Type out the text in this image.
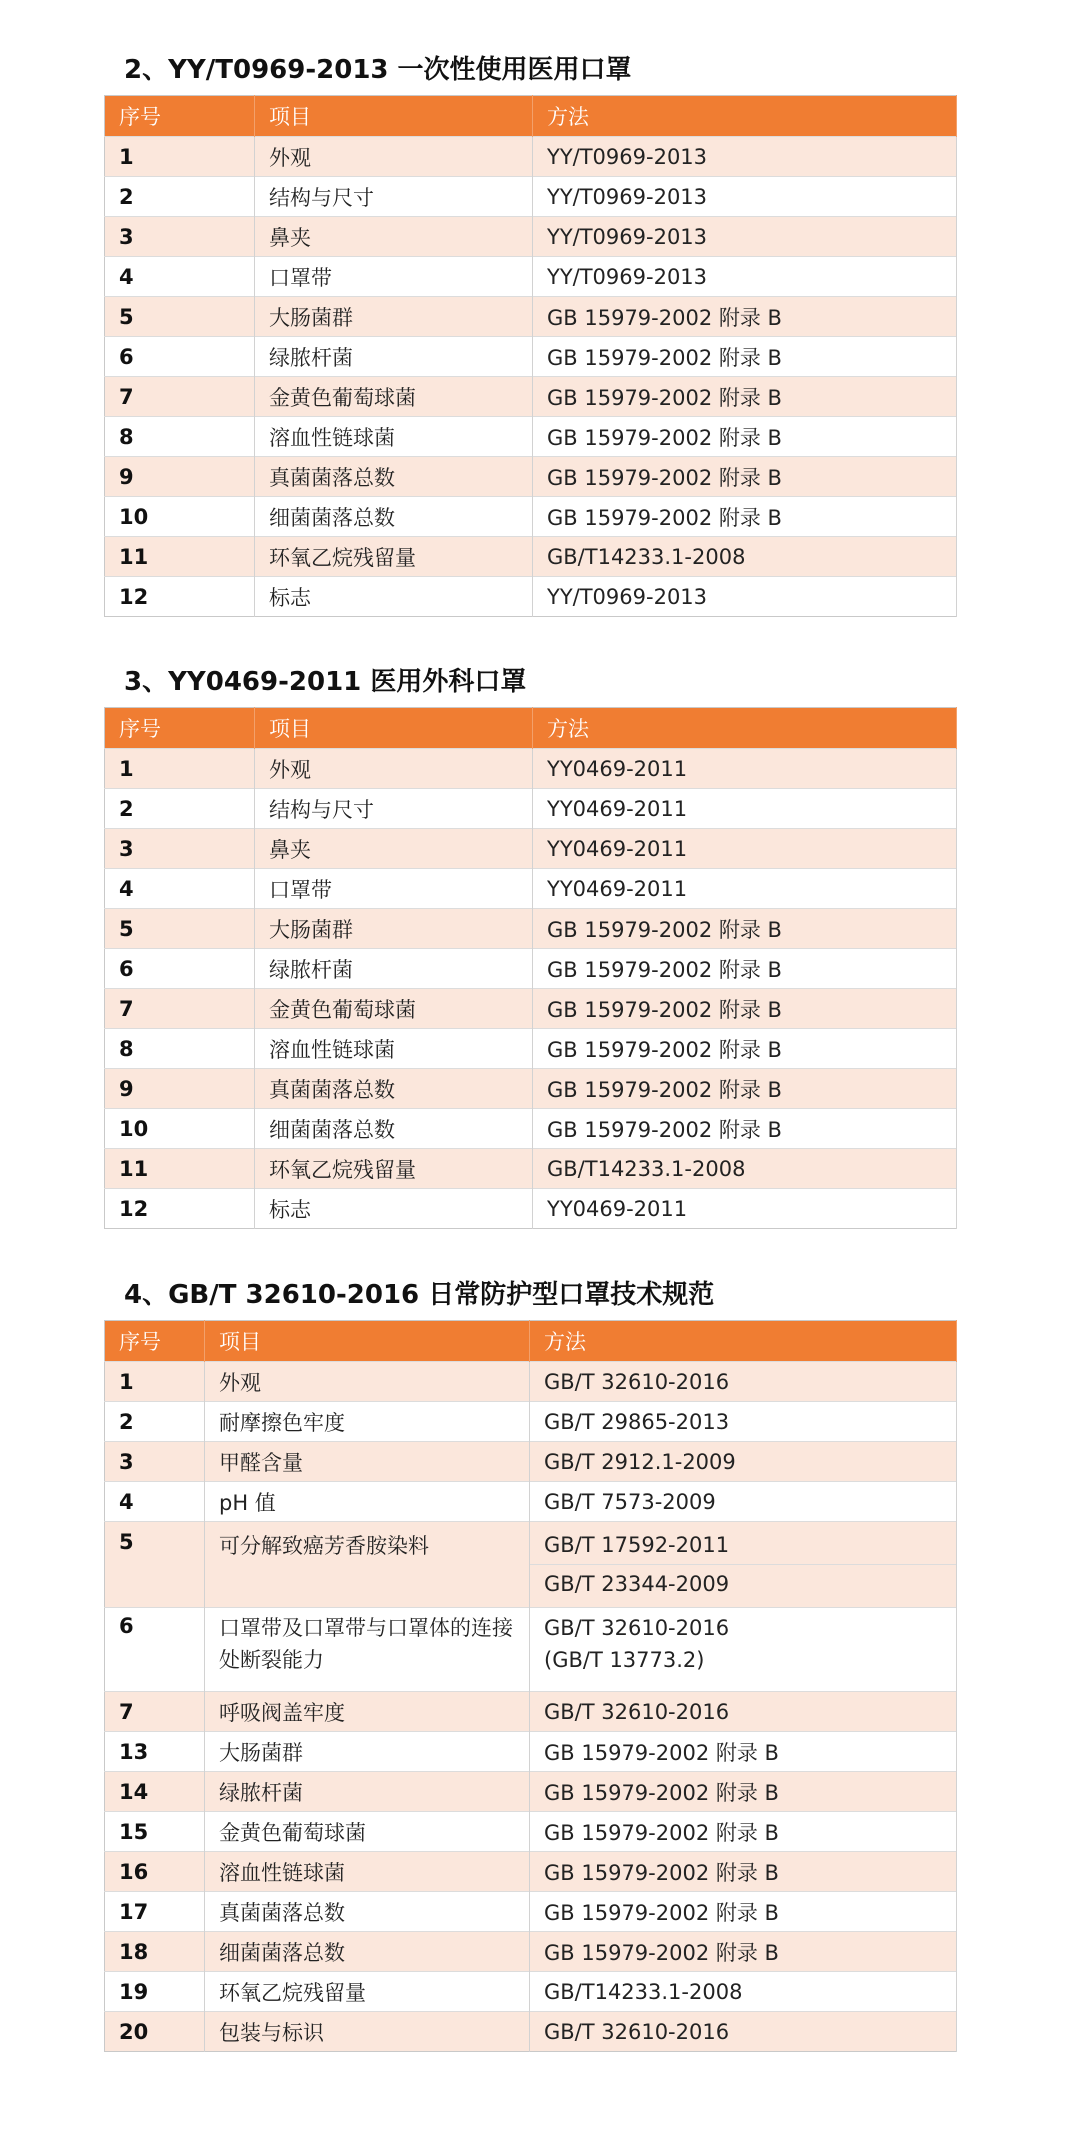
2、YY/T0969-2013 一次性使用医用口罩
序号	项目	方法
1	外观	YY/T0969-2013
2	结构与尺寸	YY/T0969-2013
3	鼻夹	YY/T0969-2013
4	口罩带	YY/T0969-2013
5	大肠菌群	GB 15979-2002 附录 B
6	绿脓杆菌	GB 15979-2002 附录 B
7	金黄色葡萄球菌	GB 15979-2002 附录 B
8	溶血性链球菌	GB 15979-2002 附录 B
9	真菌菌落总数	GB 15979-2002 附录 B
10	细菌菌落总数	GB 15979-2002 附录 B
11	环氧乙烷残留量	GB/T14233.1-2008
12	标志	YY/T0969-2013
3、YY0469-2011 医用外科口罩
序号	项目	方法
1	外观	YY0469-2011
2	结构与尺寸	YY0469-2011
3	鼻夹	YY0469-2011
4	口罩带	YY0469-2011
5	大肠菌群	GB 15979-2002 附录 B
6	绿脓杆菌	GB 15979-2002 附录 B
7	金黄色葡萄球菌	GB 15979-2002 附录 B
8	溶血性链球菌	GB 15979-2002 附录 B
9	真菌菌落总数	GB 15979-2002 附录 B
10	细菌菌落总数	GB 15979-2002 附录 B
11	环氧乙烷残留量	GB/T14233.1-2008
12	标志	YY0469-2011
4、GB/T 32610-2016 日常防护型口罩技术规范
序号	项目	方法
1	外观	GB/T 32610-2016
2	耐摩擦色牢度	GB/T 29865-2013
3	甲醛含量	GB/T 2912.1-2009
4	pH 值	GB/T 7573-2009
5	可分解致癌芳香胺染料	GB/T 17592-2011
GB/T 23344-2009

6	口罩带及口罩带与口罩体的连接处断裂能力	GB/T 32610-2016
(GB/T 13773.2)

7	呼吸阀盖牢度	GB/T 32610-2016
13	大肠菌群	GB 15979-2002 附录 B
14	绿脓杆菌	GB 15979-2002 附录 B
15	金黄色葡萄球菌	GB 15979-2002 附录 B
16	溶血性链球菌	GB 15979-2002 附录 B
17	真菌菌落总数	GB 15979-2002 附录 B
18	细菌菌落总数	GB 15979-2002 附录 B
19	环氧乙烷残留量	GB/T14233.1-2008
20	包装与标识	GB/T 32610-2016
